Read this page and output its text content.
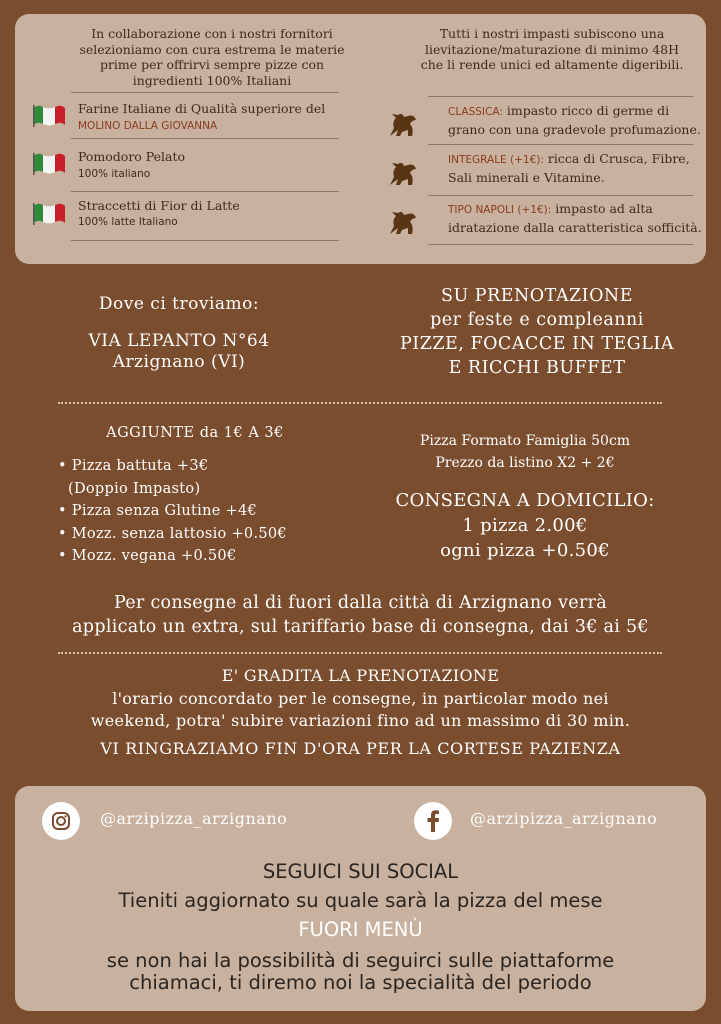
In collaborazione con i nostri fornitori selezioniamo con cura estrema le materie prime per offrirvi sempre pizze con ingredienti 100% Italiani
Farine Italiane di Qualità superiore del
MOLINO DALLA GIOVANNA
Pomodoro Pelato
100% italiano
Straccetti di Fior di Latte
100% latte Italiano
Tutti i nostri impasti subiscono una lievitazione/maturazione di minimo 48H che li rende unici ed altamente digeribili.
CLASSICA: impasto ricco di germe di
grano con una gradevole profumazione.
INTEGRALE (+1€): ricca di Crusca, Fibre,
Sali minerali e Vitamine.
TIPO NAPOLI (+1€): impasto ad alta
idratazione dalla caratteristica sofficità.
Dove ci troviamo:
VIA LEPANTO N°64
Arzignano (VI)
SU PRENOTAZIONE
per feste e compleanni
PIZZE, FOCACCE IN TEGLIA
E RICCHI BUFFET
AGGIUNTE da 1€ A 3€
• Pizza battuta +3€
(Doppio Impasto)
• Pizza senza Glutine +4€
• Mozz. senza lattosio +0.50€
• Mozz. vegana +0.50€
Pizza Formato Famiglia 50cm
Prezzo da listino X2 + 2€
CONSEGNA A DOMICILIO:
1 pizza 2.00€
ogni pizza +0.50€
Per consegne al di fuori dalla città di Arzignano verrà
applicato un extra, sul tariffario base di consegna, dai 3€ ai 5€
E' GRADITA LA PRENOTAZIONE
l'orario concordato per le consegne, in particolar modo nei
weekend, potra' subire variazioni fino ad un massimo di 30 min.
VI RINGRAZIAMO FIN D'ORA PER LA CORTESE PAZIENZA
@arzipizza_arzignano	@arzipizza_arzignano
SEGUICI SUI SOCIAL
Tieniti aggiornato su quale sarà la pizza del mese
FUORI MENÙ
se non hai la possibilità di seguirci sulle piattaforme
chiamaci, ti diremo noi la specialità del periodo
